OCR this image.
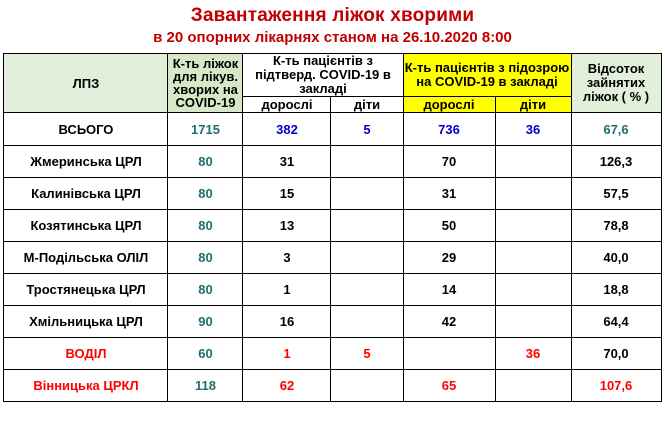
Завантаження ліжок хворими
в 20 опорних лікарнях станом на 26.10.2020 8:00
ЛПЗ	К-ть ліжок для лікув. хворих на COVID-19	К-ть пацієнтів з підтверд. COVID-19 в закладі		К-ть пацієнтів з підозрою на COVID-19 в закладі		Відсоток зайнятих ліжок ( % )
		дорослі	діти	дорослі	діти	
ВСЬОГО	1715	382	5	736	36	67,6
Жмеринська ЦРЛ	80	31		70		126,3
Калинівська ЦРЛ	80	15		31		57,5
Козятинська ЦРЛ	80	13		50		78,8
М-Подільська ОЛІЛ	80	3		29		40,0
Тростянецька ЦРЛ	80	1		14		18,8
Хмільницька ЦРЛ	90	16		42		64,4
ВОДІЛ	60	1	5		36	70,0
Вінницька ЦРКЛ	118	62		65		107,6
